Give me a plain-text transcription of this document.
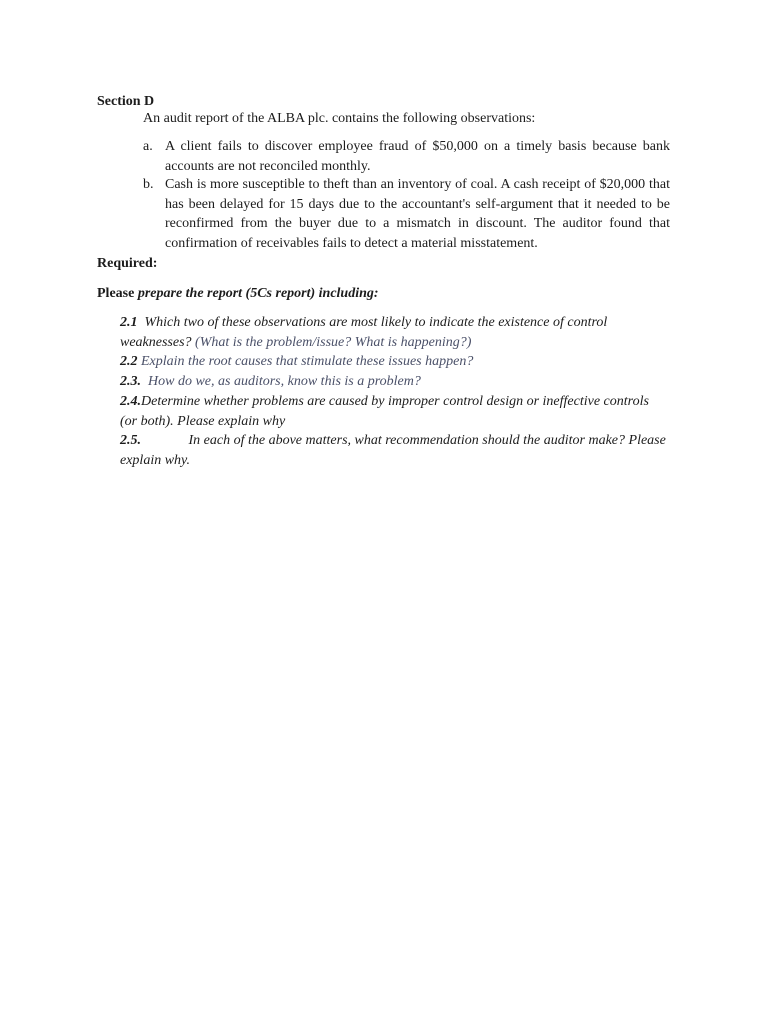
Section D
An audit report of the ALBA plc. contains the following observations:
a. A client fails to discover employee fraud of $50,000 on a timely basis because bank accounts are not reconciled monthly.
b. Cash is more susceptible to theft than an inventory of coal. A cash receipt of $20,000 that has been delayed for 15 days due to the accountant's self-argument that it needed to be reconfirmed from the buyer due to a mismatch in discount. The auditor found that confirmation of receivables fails to detect a material misstatement.
Required:
Please prepare the report (5Cs report) including:
2.1 Which two of these observations are most likely to indicate the existence of control weaknesses? (What is the problem/issue? What is happening?)
2.2 Explain the root causes that stimulate these issues happen?
2.3. How do we, as auditors, know this is a problem?
2.4.Determine whether problems are caused by improper control design or ineffective controls (or both). Please explain why
2.5.	In each of the above matters, what recommendation should the auditor make? Please explain why.
